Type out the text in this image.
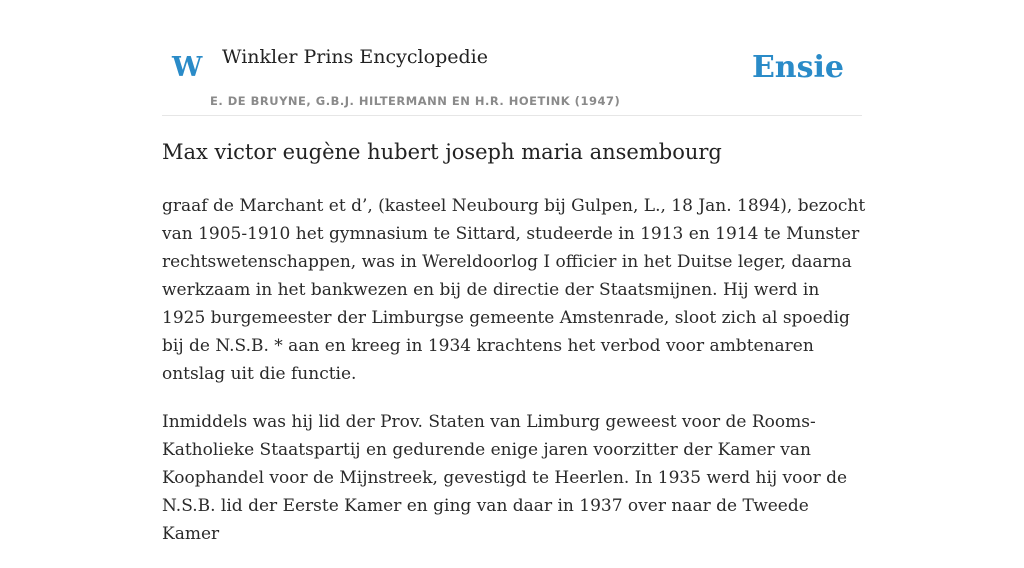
W Winkler Prins Encyclopedie
E. DE BRUYNE, G.B.J. HILTERMANN EN H.R. HOETINK (1947)
Ensie
Max victor eugène hubert joseph maria ansembourg

graaf de Marchant et d’, (kasteel Neubourg bij Gulpen, L., 18 Jan. 1894), bezocht van 1905-1910 het gymnasium te Sittard, studeerde in 1913 en 1914 te Munster rechtswetenschappen, was in Wereldoorlog I officier in het Duitse leger, daarna werkzaam in het bankwezen en bij de directie der Staatsmijnen. Hij werd in 1925 burgemeester der Limburgse gemeente Amstenrade, sloot zich al spoedig bij de N.S.B. * aan en kreeg in 1934 krachtens het verbod voor ambtenaren ontslag uit die functie.

Inmiddels was hij lid der Prov. Staten van Limburg geweest voor de Rooms-Katholieke Staatspartij en gedurende enige jaren voorzitter der Kamer van Koophandel voor de Mijnstreek, gevestigd te Heerlen. In 1935 werd hij voor de N.S.B. lid der Eerste Kamer en ging van daar in 1937 over naar de Tweede Kamer
